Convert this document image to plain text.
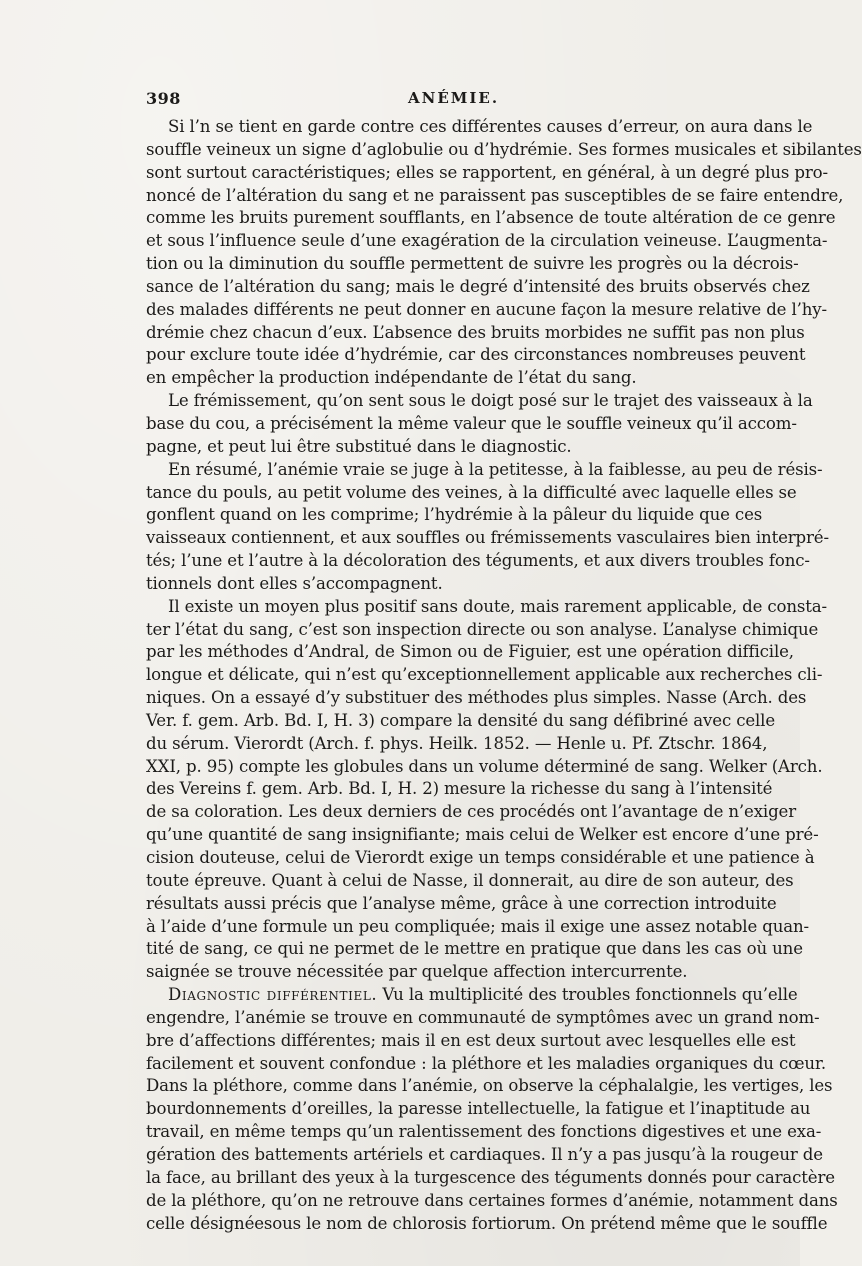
398	ANÉMIE.
Si l’n se tient en garde contre ces différentes causes d’erreur, on aura dans le
souffle veineux un signe d’aglobulie ou d’hydrémie. Ses formes musicales et sibilantes
sont surtout caractéristiques; elles se rapportent, en général, à un degré plus pro-
noncé de l’altération du sang et ne paraissent pas susceptibles de se faire entendre,
comme les bruits purement soufflants, en l’absence de toute altération de ce genre
et sous l’influence seule d’une exagération de la circulation veineuse. L’augmenta-
tion ou la diminution du souffle permettent de suivre les progrès ou la décrois-
sance de l’altération du sang; mais le degré d’intensité des bruits observés chez
des malades différents ne peut donner en aucune façon la mesure relative de l’hy-
drémie chez chacun d’eux. L’absence des bruits morbides ne suffit pas non plus
pour exclure toute idée d’hydrémie, car des circonstances nombreuses peuvent
en empêcher la production indépendante de l’état du sang.
Le frémissement, qu’on sent sous le doigt posé sur le trajet des vaisseaux à la
base du cou, a précisément la même valeur que le souffle veineux qu’il accom-
pagne, et peut lui être substitué dans le diagnostic.
En résumé, l’anémie vraie se juge à la petitesse, à la faiblesse, au peu de résis-
tance du pouls, au petit volume des veines, à la difficulté avec laquelle elles se
gonflent quand on les comprime; l’hydrémie à la pâleur du liquide que ces
vaisseaux contiennent, et aux souffles ou frémissements vasculaires bien interpré-
tés; l’une et l’autre à la décoloration des téguments, et aux divers troubles fonc-
tionnels dont elles s’accompagnent.
Il existe un moyen plus positif sans doute, mais rarement applicable, de consta-
ter l’état du sang, c’est son inspection directe ou son analyse. L’analyse chimique
par les méthodes d’Andral, de Simon ou de Figuier, est une opération difficile,
longue et délicate, qui n’est qu’exceptionnellement applicable aux recherches cli-
niques. On a essayé d’y substituer des méthodes plus simples. Nasse (Arch. des
Ver. f. gem. Arb. Bd. I, H. 3) compare la densité du sang défibriné avec celle
du sérum. Vierordt (Arch. f. phys. Heilk. 1852. — Henle u. Pf. Ztschr. 1864,
XXI, p. 95) compte les globules dans un volume déterminé de sang. Welker (Arch.
des Vereins f. gem. Arb. Bd. I, H. 2) mesure la richesse du sang à l’intensité
de sa coloration. Les deux derniers de ces procédés ont l’avantage de n’exiger
qu’une quantité de sang insignifiante; mais celui de Welker est encore d’une pré-
cision douteuse, celui de Vierordt exige un temps considérable et une patience à
toute épreuve. Quant à celui de Nasse, il donnerait, au dire de son auteur, des
résultats aussi précis que l’analyse même, grâce à une correction introduite
à l’aide d’une formule un peu compliquée; mais il exige une assez notable quan-
tité de sang, ce qui ne permet de le mettre en pratique que dans les cas où une
saignée se trouve nécessitée par quelque affection intercurrente.
Diagnostic différentiel. Vu la multiplicité des troubles fonctionnels qu’elle
engendre, l’anémie se trouve en communauté de symptômes avec un grand nom-
bre d’affections différentes; mais il en est deux surtout avec lesquelles elle est
facilement et souvent confondue : la pléthore et les maladies organiques du cœur.
Dans la pléthore, comme dans l’anémie, on observe la céphalalgie, les vertiges, les
bourdonnements d’oreilles, la paresse intellectuelle, la fatigue et l’inaptitude au
travail, en même temps qu’un ralentissement des fonctions digestives et une exa-
gération des battements artériels et cardiaques. Il n’y a pas jusqu’à la rougeur de
la face, au brillant des yeux à la turgescence des téguments donnés pour caractère
de la pléthore, qu’on ne retrouve dans certaines formes d’anémie, notamment dans
celle désignéesous le nom de chlorosis fortiorum. On prétend même que le souffle
